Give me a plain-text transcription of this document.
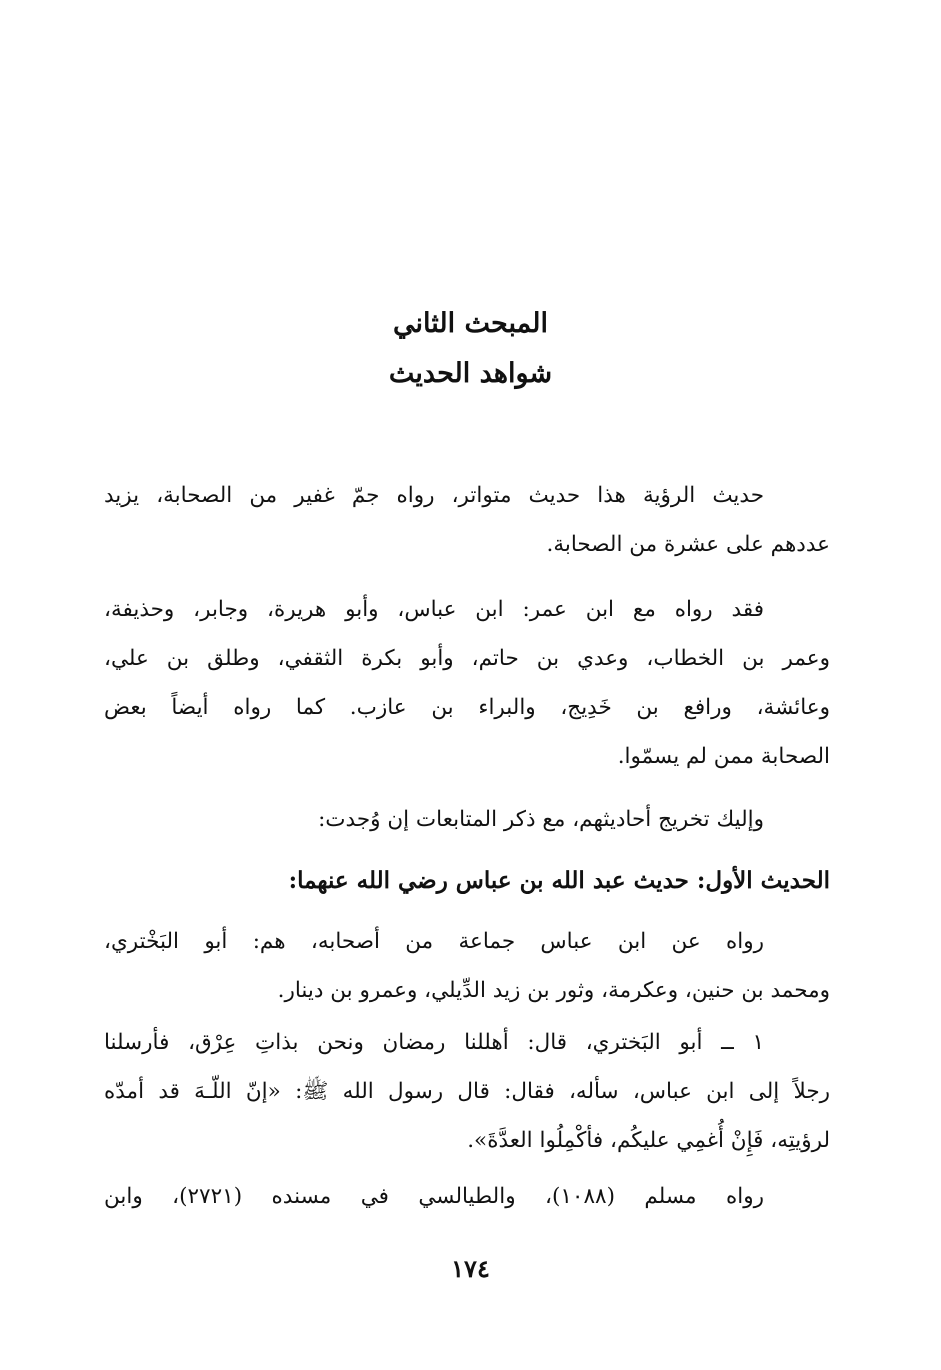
المبحث الثاني
شواهد الحديث
حديث الرؤية هذا حديث متواتر، رواه جمّ غفير من الصحابة، يزيد
عددهم على عشرة من الصحابة.
فقد رواه مع ابن عمر: ابن عباس، وأبو هريرة، وجابر، وحذيفة،
وعمر بن الخطاب، وعدي بن حاتم، وأبو بكرة الثقفي، وطلق بن علي،
وعائشة، ورافع بن خَدِيج، والبراء بن عازب. كما رواه أيضاً بعض
الصحابة ممن لم يسمّوا.
وإليك تخريج أحاديثهم، مع ذكر المتابعات إن وُجدت:
الحديث الأول: حديث عبد الله بن عباس رضي الله عنهما:
رواه عن ابن عباس جماعة من أصحابه، هم: أبو البَخْتري،
ومحمد بن حنين، وعكرمة، وثور بن زيد الدِّيلي، وعمرو بن دينار.
١ ــ أبو البَختري، قال: أهللنا رمضان ونحن بذاتِ عِرْق، فأرسلنا
رجلاً إلى ابن عباس، سأله، فقال: قال رسول الله ﷺ: «إنّ اللّـهَ قد أمدّه
لرؤيتِه، فَإِنْ أُغمِي عليكُم، فأكْمِلُوا العدَّةَ».
رواه مسلم (١٠٨٨)، والطيالسي في مسنده (٢٧٢١)، وابن
١٧٤
